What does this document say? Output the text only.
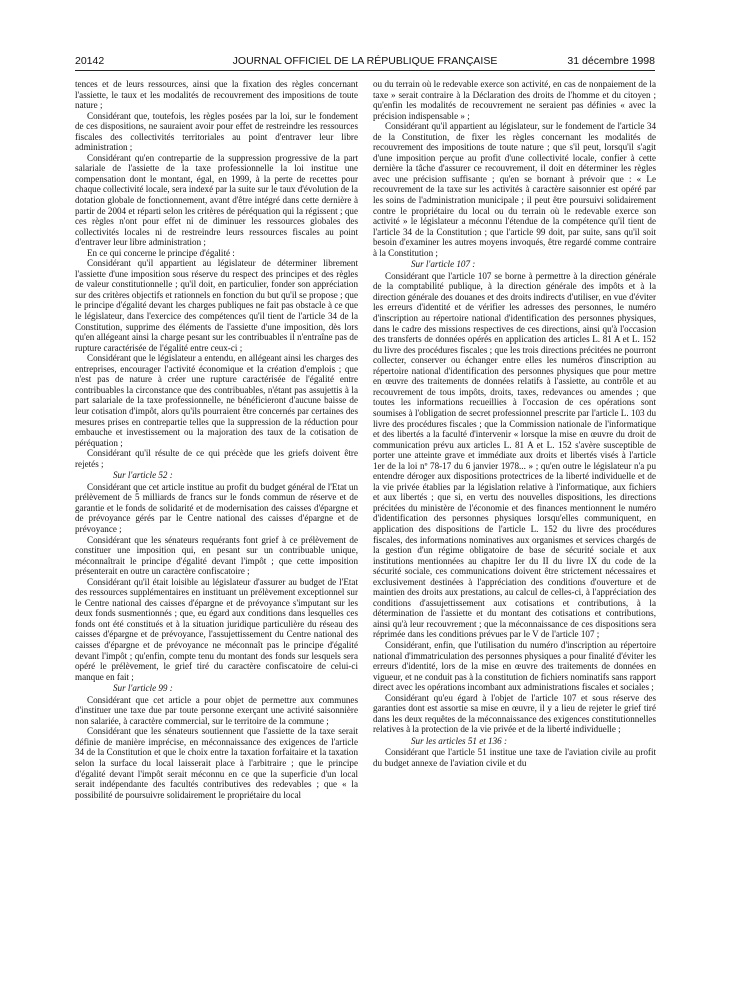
20142	JOURNAL OFFICIEL DE LA RÉPUBLIQUE FRANÇAISE	31 décembre 1998

tences et de leurs ressources, ainsi que la fixation des règles concernant l'assiette, le taux et les modalités de recouvrement des impositions de toute nature ;

Considérant que, toutefois, les règles posées par la loi, sur le fondement de ces dispositions, ne sauraient avoir pour effet de restreindre les ressources fiscales des collectivités territoriales au point d'entraver leur libre administration ;

Considérant qu'en contrepartie de la suppression progressive de la part salariale de l'assiette de la taxe professionnelle la loi institue une compensation dont le montant, égal, en 1999, à la perte de recettes pour chaque collectivité locale, sera indexé par la suite sur le taux d'évolution de la dotation globale de fonctionnement, avant d'être intégré dans cette dernière à partir de 2004 et réparti selon les critères de péréquation qui la régissent ; que ces règles n'ont pour effet ni de diminuer les ressources globales des collectivités locales ni de restreindre leurs ressources fiscales au point d'entraver leur libre administration ;

En ce qui concerne le principe d'égalité :

Considérant qu'il appartient au législateur de déterminer librement l'assiette d'une imposition sous réserve du respect des principes et des règles de valeur constitutionnelle ; qu'il doit, en particulier, fonder son appréciation sur des critères objectifs et rationnels en fonction du but qu'il se propose ; que le principe d'égalité devant les charges publiques ne fait pas obstacle à ce que le législateur, dans l'exercice des compétences qu'il tient de l'article 34 de la Constitution, supprime des éléments de l'assiette d'une imposition, dès lors qu'en allégeant ainsi la charge pesant sur les contribuables il n'entraîne pas de rupture caractérisée de l'égalité entre ceux-ci ;

Considérant que le législateur a entendu, en allégeant ainsi les charges des entreprises, encourager l'activité économique et la création d'emplois ; que n'est pas de nature à créer une rupture caractérisée de l'égalité entre contribuables la circonstance que des contribuables, n'étant pas assujettis à la part salariale de la taxe professionnelle, ne bénéficieront d'aucune baisse de leur cotisation d'impôt, alors qu'ils pourraient être concernés par certaines des mesures prises en contrepartie telles que la suppression de la réduction pour embauche et investissement ou la majoration des taux de la cotisation de péréquation ;

Considérant qu'il résulte de ce qui précède que les griefs doivent être rejetés ;

Sur l'article 52 :

Considérant que cet article institue au profit du budget général de l'Etat un prélèvement de 5 milliards de francs sur le fonds commun de réserve et de garantie et le fonds de solidarité et de modernisation des caisses d'épargne et de prévoyance gérés par le Centre national des caisses d'épargne et de prévoyance ;

Considérant que les sénateurs requérants font grief à ce prélèvement de constituer une imposition qui, en pesant sur un contribuable unique, méconnaîtrait le principe d'égalité devant l'impôt ; que cette imposition présenterait en outre un caractère confiscatoire ;

Considérant qu'il était loisible au législateur d'assurer au budget de l'Etat des ressources supplémentaires en instituant un prélèvement exceptionnel sur le Centre national des caisses d'épargne et de prévoyance s'imputant sur les deux fonds susmentionnés ; que, eu égard aux conditions dans lesquelles ces fonds ont été constitués et à la situation juridique particulière du réseau des caisses d'épargne et de prévoyance, l'assujettissement du Centre national des caisses d'épargne et de prévoyance ne méconnaît pas le principe d'égalité devant l'impôt ; qu'enfin, compte tenu du montant des fonds sur lesquels sera opéré le prélèvement, le grief tiré du caractère confiscatoire de celui-ci manque en fait ;

Sur l'article 99 :

Considérant que cet article a pour objet de permettre aux communes d'instituer une taxe due par toute personne exerçant une activité saisonnière non salariée, à caractère commercial, sur le territoire de la commune ;

Considérant que les sénateurs soutiennent que l'assiette de la taxe serait définie de manière imprécise, en méconnaissance des exigences de l'article 34 de la Constitution et que le choix entre la taxation forfaitaire et la taxation selon la surface du local laisserait place à l'arbitraire ; que le principe d'égalité devant l'impôt serait méconnu en ce que la superficie d'un local serait indépendante des facultés contributives des redevables ; que « la possibilité de poursuivre solidairement le propriétaire du local

ou du terrain où le redevable exerce son activité, en cas de nonpaiement de la taxe » serait contraire à la Déclaration des droits de l'homme et du citoyen ; qu'enfin les modalités de recouvrement ne seraient pas définies « avec la précision indispensable » ;

Considérant qu'il appartient au législateur, sur le fondement de l'article 34 de la Constitution, de fixer les règles concernant les modalités de recouvrement des impositions de toute nature ; que s'il peut, lorsqu'il s'agit d'une imposition perçue au profit d'une collectivité locale, confier à cette dernière la tâche d'assurer ce recouvrement, il doit en déterminer les règles avec une précision suffisante ; qu'en se bornant à prévoir que : « Le recouvrement de la taxe sur les activités à caractère saisonnier est opéré par les soins de l'administration municipale ; il peut être poursuivi solidairement contre le propriétaire du local ou du terrain où le redevable exerce son activité » le législateur a méconnu l'étendue de la compétence qu'il tient de l'article 34 de la Constitution ; que l'article 99 doit, par suite, sans qu'il soit besoin d'examiner les autres moyens invoqués, être regardé comme contraire à la Constitution ;

Sur l'article 107 :

Considérant que l'article 107 se borne à permettre à la direction générale de la comptabilité publique, à la direction générale des impôts et à la direction générale des douanes et des droits indirects d'utiliser, en vue d'éviter les erreurs d'identité et de vérifier les adresses des personnes, le numéro d'inscription au répertoire national d'identification des personnes physiques, dans le cadre des missions respectives de ces directions, ainsi qu'à l'occasion des transferts de données opérés en application des articles L. 81 A et L. 152 du livre des procédures fiscales ; que les trois directions précitées ne pourront collecter, conserver ou échanger entre elles les numéros d'inscription au répertoire national d'identification des personnes physiques que pour mettre en œuvre des traitements de données relatifs à l'assiette, au contrôle et au recouvrement de tous impôts, droits, taxes, redevances ou amendes ; que toutes les informations recueillies à l'occasion de ces opérations sont soumises à l'obligation de secret professionnel prescrite par l'article L. 103 du livre des procédures fiscales ; que la Commission nationale de l'informatique et des libertés a la faculté d'intervenir « lorsque la mise en œuvre du droit de communication prévu aux articles L. 81 A et L. 152 s'avère susceptible de porter une atteinte grave et immédiate aux droits et libertés visés à l'article 1er de la loi nº 78-17 du 6 janvier 1978... » ; qu'en outre le législateur n'a pu entendre déroger aux dispositions protectrices de la liberté individuelle et de la vie privée établies par la législation relative à l'informatique, aux fichiers et aux libertés ; que si, en vertu des nouvelles dispositions, les directions précitées du ministère de l'économie et des finances mentionnent le numéro d'identification des personnes physiques lorsqu'elles communiquent, en application des dispositions de l'article L. 152 du livre des procédures fiscales, des informations nominatives aux organismes et services chargés de la gestion d'un régime obligatoire de base de sécurité sociale et aux institutions mentionnées au chapitre Ier du II du livre IX du code de la sécurité sociale, ces communications doivent être strictement nécessaires et exclusivement destinées à l'appréciation des conditions d'ouverture et de maintien des droits aux prestations, au calcul de celles-ci, à l'appréciation des conditions d'assujettissement aux cotisations et contributions, à la détermination de l'assiette et du montant des cotisations et contributions, ainsi qu'à leur recouvrement ; que la méconnaissance de ces dispositions sera réprimée dans les conditions prévues par le V de l'article 107 ;

Considérant, enfin, que l'utilisation du numéro d'inscription au répertoire national d'immatriculation des personnes physiques a pour finalité d'éviter les erreurs d'identité, lors de la mise en œuvre des traitements de données en vigueur, et ne conduit pas à la constitution de fichiers nominatifs sans rapport direct avec les opérations incombant aux administrations fiscales et sociales ;

Considérant qu'eu égard à l'objet de l'article 107 et sous réserve des garanties dont est assortie sa mise en œuvre, il y a lieu de rejeter le grief tiré dans les deux requêtes de la méconnaissance des exigences constitutionnelles relatives à la protection de la vie privée et de la liberté individuelle ;

Sur les articles 51 et 136 :

Considérant que l'article 51 institue une taxe de l'aviation civile au profit du budget annexe de l'aviation civile et du
